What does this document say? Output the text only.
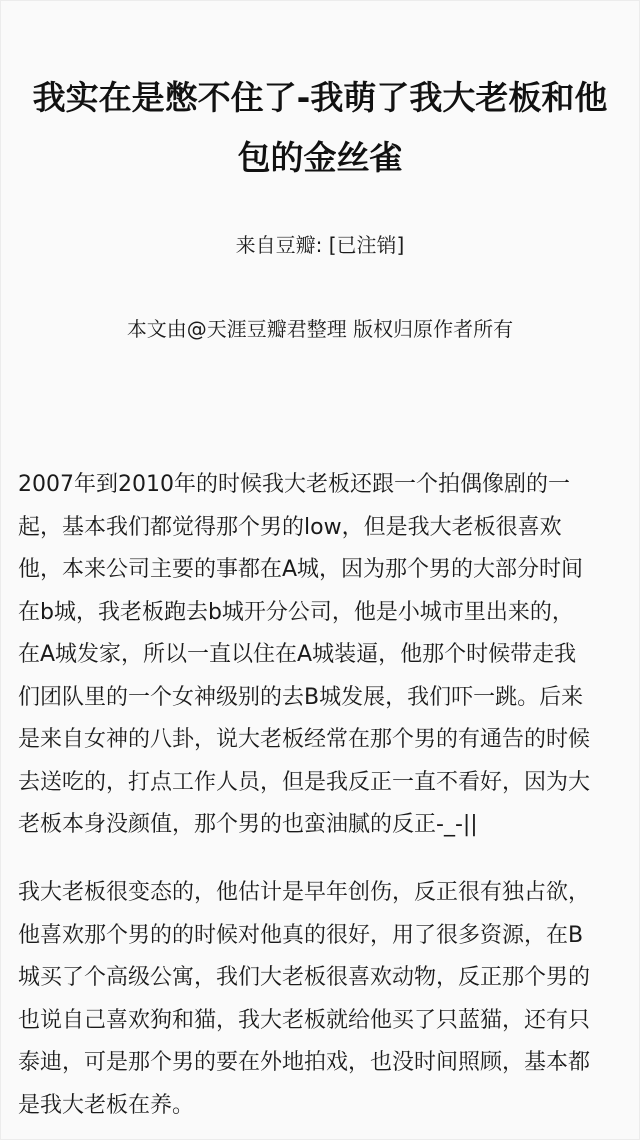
我实在是憋不住了-我萌了我大老板和他
包的金丝雀
来自豆瓣: [已注销]
本文由@天涯豆瓣君整理 版权归原作者所有
2007年到2010年的时候我大老板还跟一个拍偶像剧的一
起，基本我们都觉得那个男的low，但是我大老板很喜欢
他，本来公司主要的事都在A城，因为那个男的大部分时间
在b城，我老板跑去b城开分公司，他是小城市里出来的，
在A城发家，所以一直以住在A城装逼，他那个时候带走我
们团队里的一个女神级别的去B城发展，我们吓一跳。后来
是来自女神的八卦，说大老板经常在那个男的有通告的时候
去送吃的，打点工作人员，但是我反正一直不看好，因为大
老板本身没颜值，那个男的也蛮油腻的反正-_-||
我大老板很变态的，他估计是早年创伤，反正很有独占欲，
他喜欢那个男的的时候对他真的很好，用了很多资源，在B
城买了个高级公寓，我们大老板很喜欢动物，反正那个男的
也说自己喜欢狗和猫，我大老板就给他买了只蓝猫，还有只
泰迪，可是那个男的要在外地拍戏，也没时间照顾，基本都
是我大老板在养。
